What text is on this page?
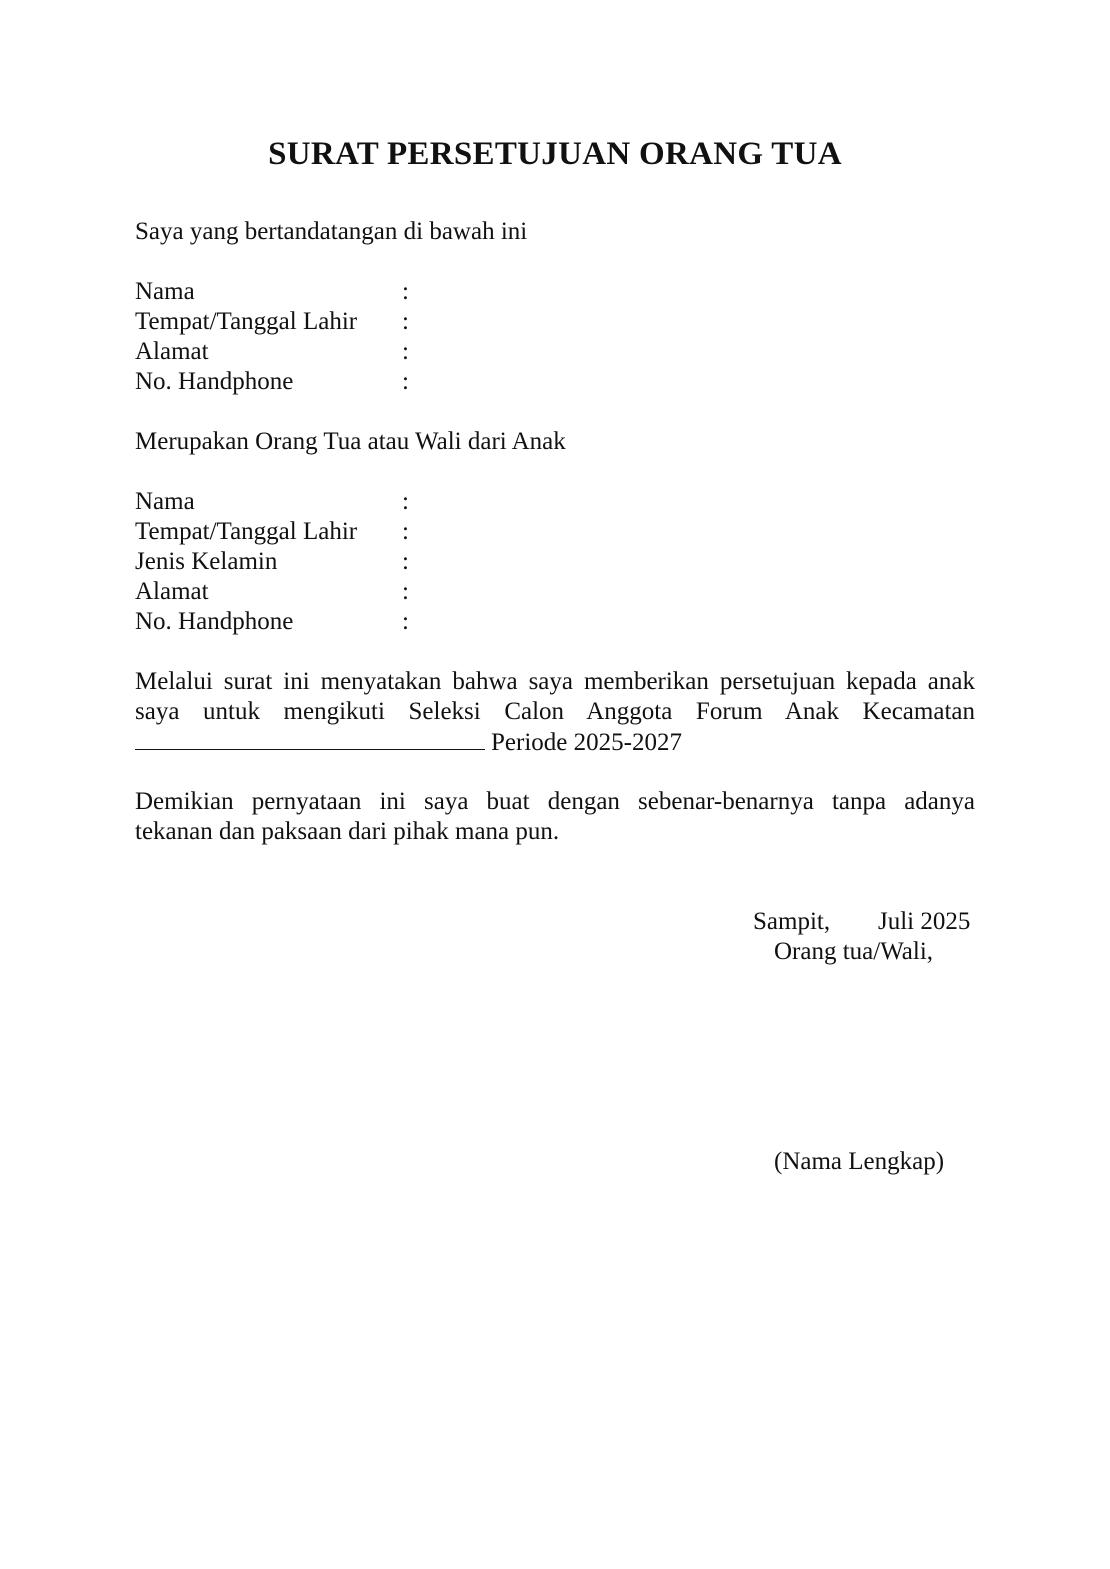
SURAT PERSETUJUAN ORANG TUA
Saya yang bertandatangan di bawah ini
Nama	:
Tempat/Tanggal Lahir :
Alamat	:
No. Handphone	:
Merupakan Orang Tua atau Wali dari Anak
Nama	:
Tempat/Tanggal Lahir :
Jenis Kelamin	:
Alamat	:
No. Handphone	:
Melalui surat ini menyatakan bahwa saya memberikan persetujuan kepada anak
saya untuk mengikuti Seleksi Calon Anggota Forum Anak Kecamatan
Periode 2025-2027
Demikian pernyataan ini saya buat dengan sebenar-benarnya tanpa adanya
tekanan dan paksaan dari pihak mana pun.
Sampit, Juli 2025
Orang tua/Wali,
(Nama Lengkap)
